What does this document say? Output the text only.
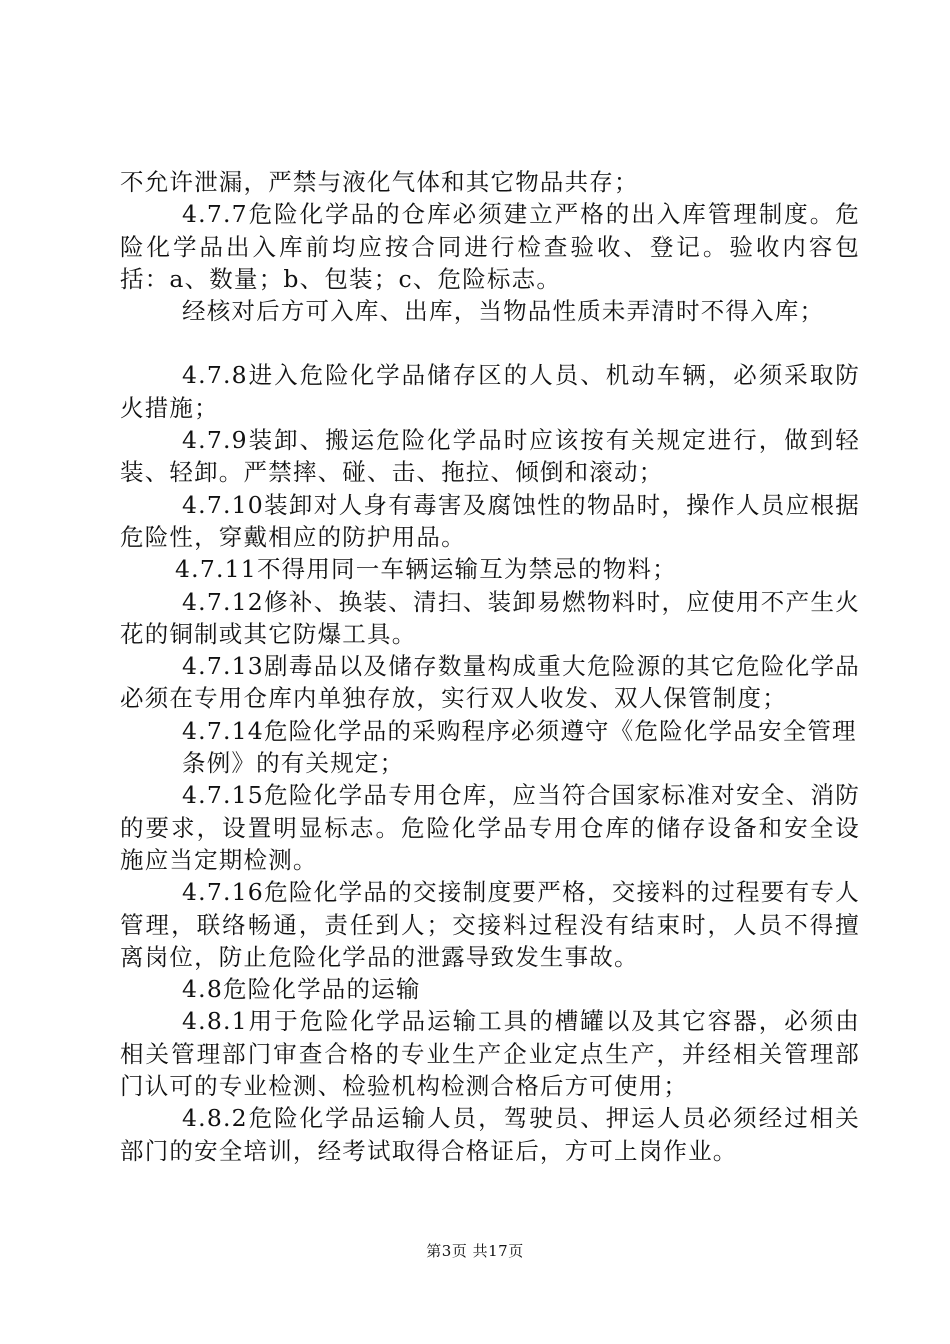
不允许泄漏，严禁与液化气体和其它物品共存；

4.7.7危险化学品的仓库必须建立严格的出入库管理制度。危险化学品出入库前均应按合同进行检查验收、登记。验收内容包括：a、数量；b、包装；c、危险标志。

经核对后方可入库、出库，当物品性质未弄清时不得入库；

4.7.8进入危险化学品储存区的人员、机动车辆，必须采取防火措施；

4.7.9装卸、搬运危险化学品时应该按有关规定进行，做到轻装、轻卸。严禁摔、碰、击、拖拉、倾倒和滚动；

4.7.10装卸对人身有毒害及腐蚀性的物品时，操作人员应根据危险性，穿戴相应的防护用品。

4.7.11不得用同一车辆运输互为禁忌的物料；

4.7.12修补、换装、清扫、装卸易燃物料时，应使用不产生火花的铜制或其它防爆工具。

4.7.13剧毒品以及储存数量构成重大危险源的其它危险化学品必须在专用仓库内单独存放，实行双人收发、双人保管制度；

4.7.14危险化学品的采购程序必须遵守《危险化学品安全管理

条例》的有关规定；

4.7.15危险化学品专用仓库，应当符合国家标准对安全、消防的要求，设置明显标志。危险化学品专用仓库的储存设备和安全设施应当定期检测。

4.7.16危险化学品的交接制度要严格，交接料的过程要有专人管理，联络畅通，责任到人；交接料过程没有结束时，人员不得擅离岗位，防止危险化学品的泄露导致发生事故。

4.8危险化学品的运输

4.8.1用于危险化学品运输工具的槽罐以及其它容器，必须由相关管理部门审查合格的专业生产企业定点生产，并经相关管理部门认可的专业检测、检验机构检测合格后方可使用；

4.8.2危险化学品运输人员，驾驶员、押运人员必须经过相关部门的安全培训，经考试取得合格证后，方可上岗作业。

第3页 共17页
